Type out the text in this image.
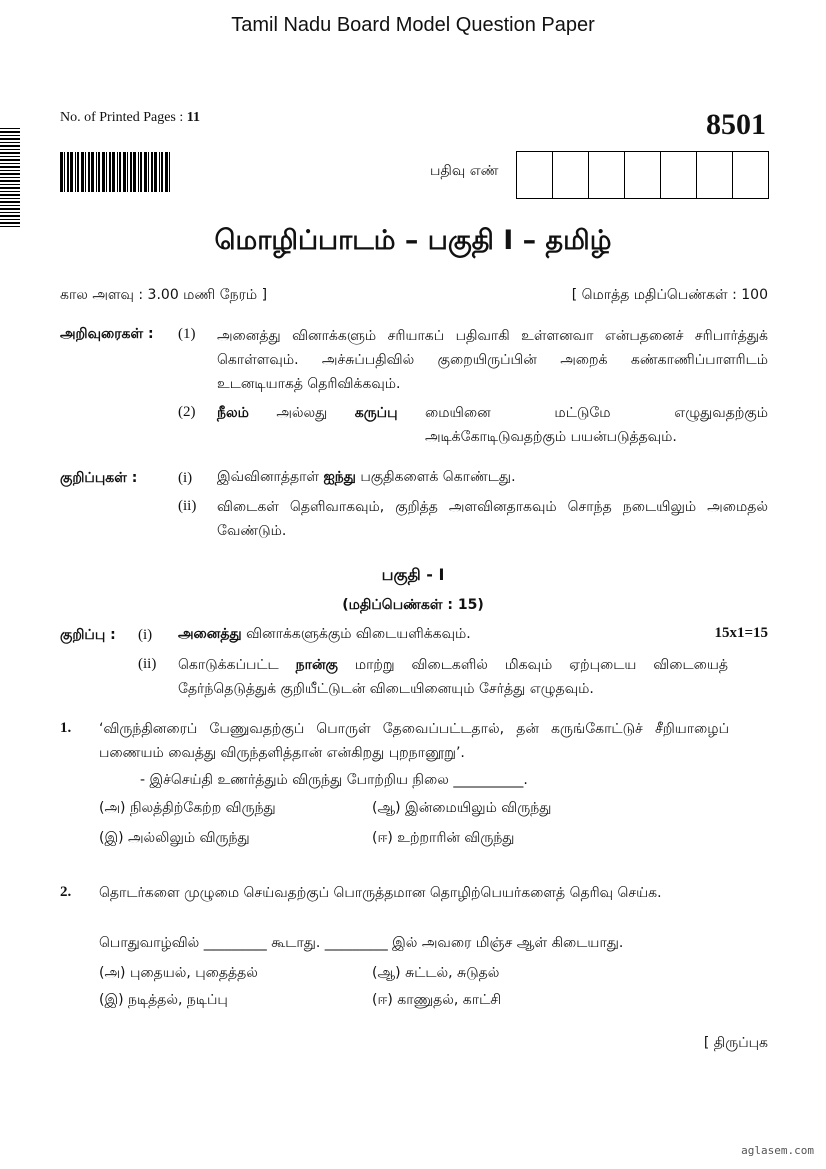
Tamil Nadu Board Model Question Paper
No. of Printed Pages : 11	8501
பதிவு எண்
மொழிப்பாடம் – பகுதி I – தமிழ்
கால அளவு : 3.00 மணி நேரம் ]	[ மொத்த மதிப்பெண்கள் : 100
அறிவுரைகள் : (1) அனைத்து வினாக்களும் சரியாகப் பதிவாகி உள்ளனவா என்பதனைச் சரிபார்த்துக் கொள்ளவும். அச்சுப்பதிவில் குறையிருப்பின் அறைக் கண்காணிப்பாளரிடம் உடனடியாகத் தெரிவிக்கவும்.
(2) நீலம் அல்லது கருப்பு மையினை மட்டுமே எழுதுவதற்கும் அடிக்கோடிடுவதற்கும் பயன்படுத்தவும்.
குறிப்புகள் :	(i) இவ்வினாத்தாள் ஐந்து பகுதிகளைக் கொண்டது.
(ii) விடைகள் தெளிவாகவும், குறித்த அளவினதாகவும் சொந்த நடையிலும் அமைதல் வேண்டும்.
பகுதி - I
(மதிப்பெண்கள் : 15)
குறிப்பு : (i) அனைத்து வினாக்களுக்கும் விடையளிக்கவும்.	15x1=15
(ii) கொடுக்கப்பட்ட நான்கு மாற்று விடைகளில் மிகவும் ஏற்புடைய விடையைத் தேர்ந்தெடுத்துக் குறியீட்டுடன் விடையினையும் சேர்த்து எழுதவும்.
1. ‘விருந்தினரைப் பேணுவதற்குப் பொருள் தேவைப்பட்டதால், தன் கருங்கோட்டுச் சீறியாழைப் பணையம் வைத்து விருந்தளித்தான் என்கிறது புறநானூறு’.
- இச்செய்தி உணர்த்தும் விருந்து போற்றிய நிலை __________.
(அ) நிலத்திற்கேற்ற விருந்து	(ஆ) இன்மையிலும் விருந்து
(இ) அல்லிலும் விருந்து	(ஈ) உற்றாரின் விருந்து
2. தொடர்களை முழுமை செய்வதற்குப் பொருத்தமான தொழிற்பெயர்களைத் தெரிவு செய்க.
பொதுவாழ்வில் _________ கூடாது. _________ இல் அவரை மிஞ்ச ஆள் கிடையாது.
(அ) புதையல், புதைத்தல்	(ஆ) சுட்டல், சுடுதல்
(இ) நடித்தல், நடிப்பு	(ஈ) காணுதல், காட்சி
[ திருப்புக
aglasem.com
